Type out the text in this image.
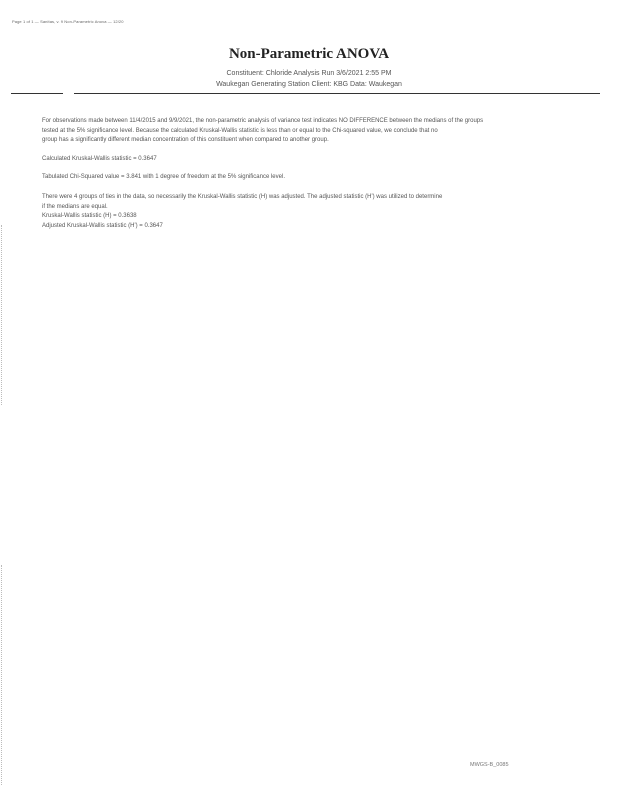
Page 1 of 1 — Sanitas, v. 9 Non-Parametric Anova — 12/20
Non-Parametric ANOVA
Constituent: Chloride Analysis Run 3/6/2021 2:55 PM
Waukegan Generating Station Client: KBG Data: Waukegan
For observations made between 11/4/2015 and 9/9/2021, the non-parametric analysis of variance test indicates NO DIFFERENCE between the medians of the groups
tested at the 5% significance level. Because the calculated Kruskal-Wallis statistic is less than or equal to the Chi-squared value, we conclude that no
group has a significantly different median concentration of this constituent when compared to another group.
Calculated Kruskal-Wallis statistic = 0.3647
Tabulated Chi-Squared value = 3.841 with 1 degree of freedom at the 5% significance level.
There were 4 groups of ties in the data, so necessarily the Kruskal-Wallis statistic (H) was adjusted. The adjusted statistic (H') was utilized to determine
if the medians are equal.
Kruskal-Wallis statistic (H) = 0.3638
Adjusted Kruskal-Wallis statistic (H') = 0.3647
MWGS-B_0085
